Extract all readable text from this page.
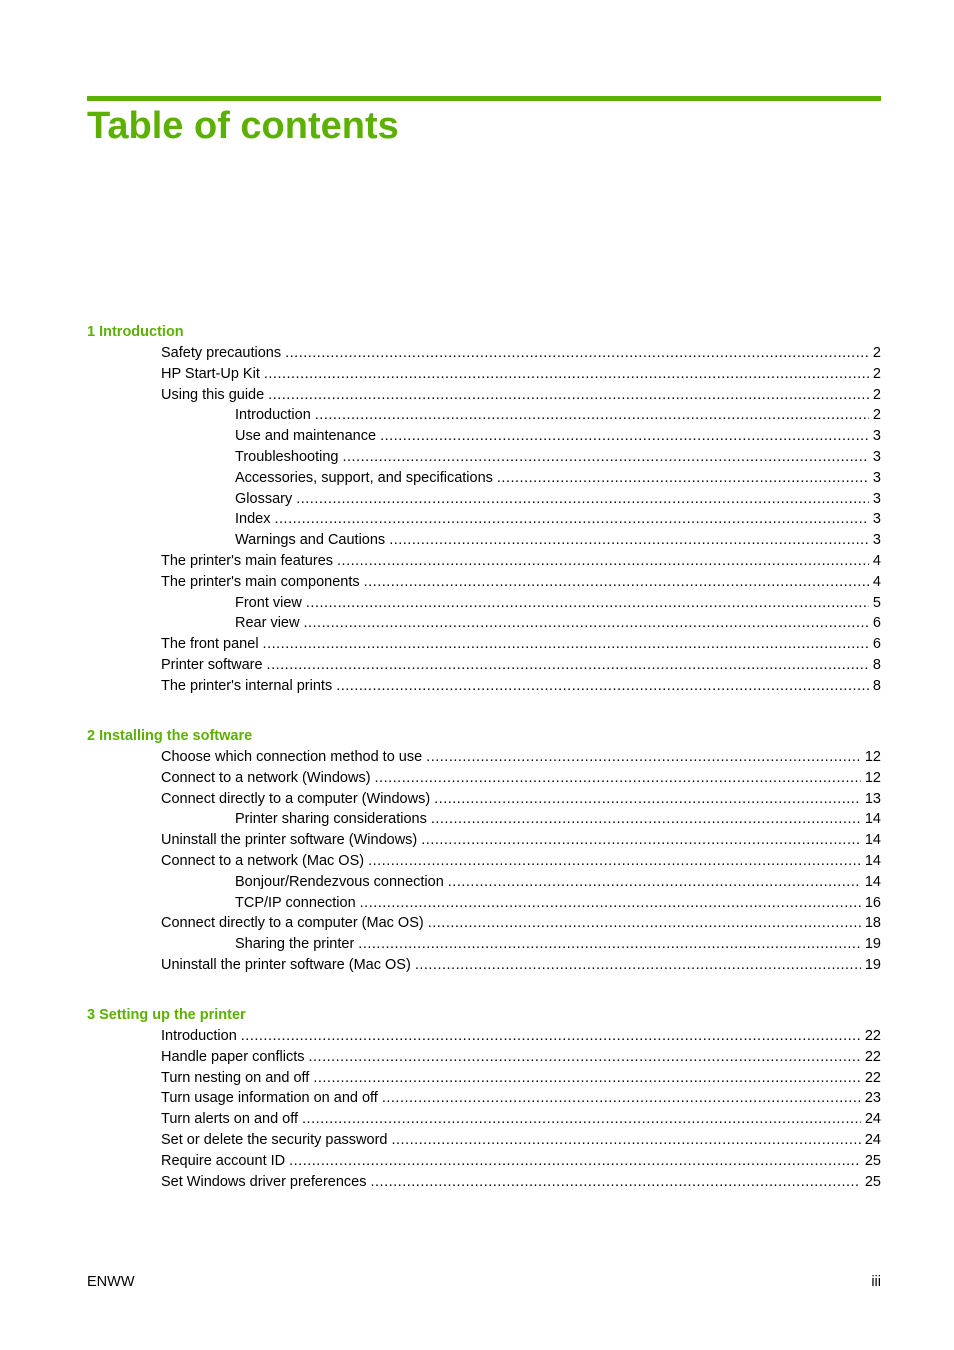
Table of contents
1 Introduction
Safety precautions .....	2
HP Start-Up Kit .....	2
Using this guide .....	2
Introduction .....	2
Use and maintenance .....	3
Troubleshooting .....	3
Accessories, support, and specifications .....	3
Glossary .....	3
Index .....	3
Warnings and Cautions .....	3
The printer's main features .....	4
The printer's main components .....	4
Front view .....	5
Rear view .....	6
The front panel .....	6
Printer software .....	8
The printer's internal prints .....	8
2 Installing the software
Choose which connection method to use .....	12
Connect to a network (Windows) .....	12
Connect directly to a computer (Windows) .....	13
Printer sharing considerations .....	14
Uninstall the printer software (Windows) .....	14
Connect to a network (Mac OS) .....	14
Bonjour/Rendezvous connection .....	14
TCP/IP connection .....	16
Connect directly to a computer (Mac OS) .....	18
Sharing the printer .....	19
Uninstall the printer software (Mac OS) .....	19
3 Setting up the printer
Introduction .....	22
Handle paper conflicts .....	22
Turn nesting on and off .....	22
Turn usage information on and off .....	23
Turn alerts on and off .....	24
Set or delete the security password .....	24
Require account ID .....	25
Set Windows driver preferences .....	25
ENWW	iii
